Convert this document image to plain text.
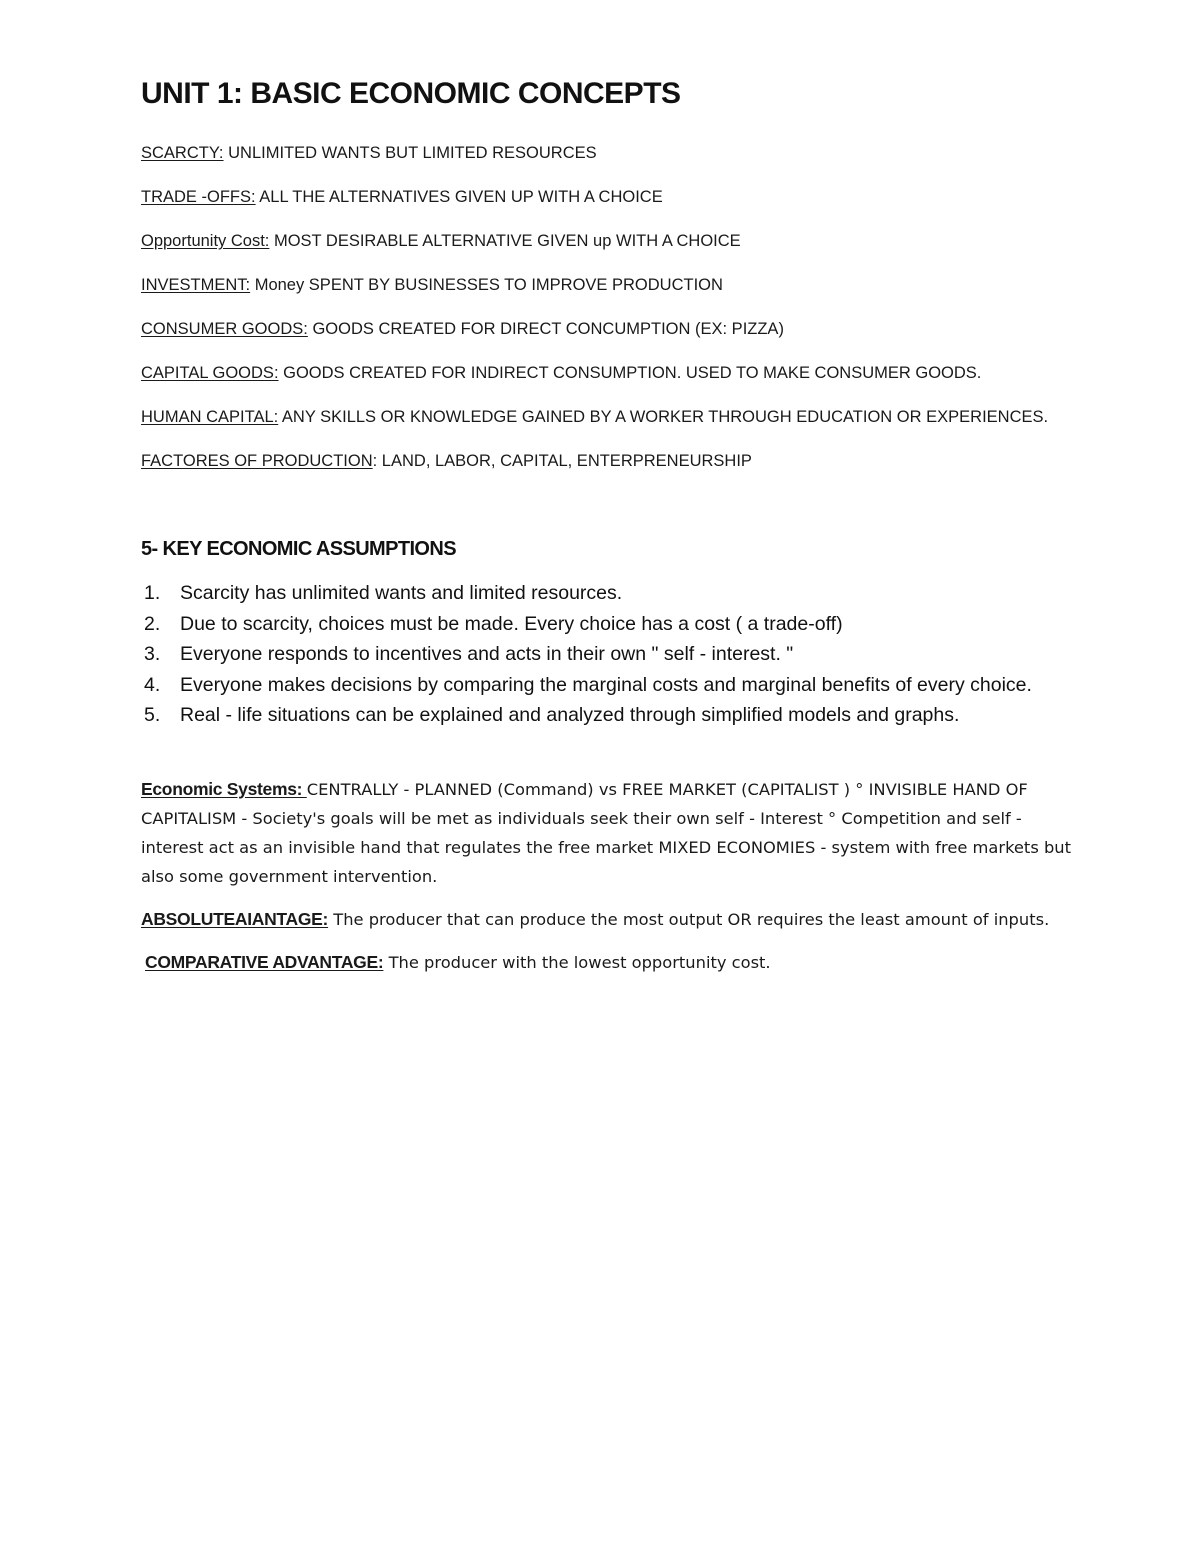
UNIT 1: BASIC ECONOMIC CONCEPTS

SCARCTY: UNLIMITED WANTS BUT LIMITED RESOURCES

TRADE -OFFS: ALL THE ALTERNATIVES GIVEN UP WITH A CHOICE

Opportunity Cost: MOST DESIRABLE ALTERNATIVE GIVEN up WITH A CHOICE

INVESTMENT: Money SPENT BY BUSINESSES TO IMPROVE PRODUCTION

CONSUMER GOODS: GOODS CREATED FOR DIRECT CONCUMPTION (EX: PIZZA)

CAPITAL GOODS: GOODS CREATED FOR INDIRECT CONSUMPTION. USED TO MAKE CONSUMER GOODS.

HUMAN CAPITAL: ANY SKILLS OR KNOWLEDGE GAINED BY A WORKER THROUGH EDUCATION OR EXPERIENCES.

FACTORES OF PRODUCTION: LAND, LABOR, CAPITAL, ENTERPRENEURSHIP

5- KEY ECONOMIC ASSUMPTIONS
1. Scarcity has unlimited wants and limited resources.
2. Due to scarcity, choices must be made. Every choice has a cost ( a trade-off)
3. Everyone responds to incentives and acts in their own " self - interest. "
4. Everyone makes decisions by comparing the marginal costs and marginal benefits of every choice.
5. Real - life situations can be explained and analyzed through simplified models and graphs.

Economic Systems: CENTRALLY - PLANNED (Command) vs FREE MARKET (CAPITALIST ) ° INVISIBLE HAND OF CAPITALISM - Society's goals will be met as individuals seek their own self - Interest ° Competition and self - interest act as an invisible hand that regulates the free market MIXED ECONOMIES - system with free markets but also some government intervention.

ABSOLUTEAIANTAGE: The producer that can produce the most output OR requires the least amount of inputs.

COMPARATIVE ADVANTAGE: The producer with the lowest opportunity cost.
